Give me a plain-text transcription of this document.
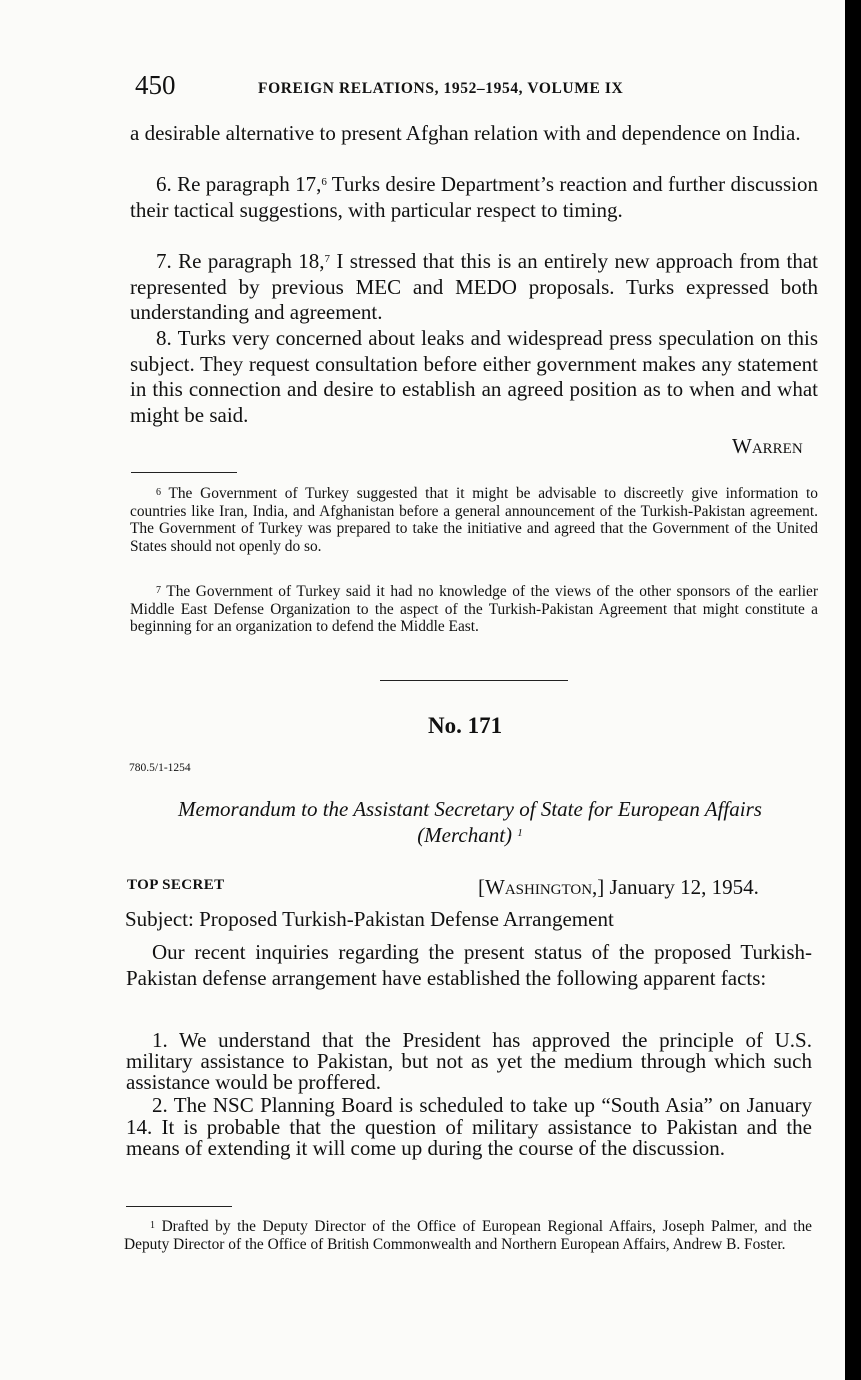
450	FOREIGN RELATIONS, 1952–1954, VOLUME IX
a desirable alternative to present Afghan relation with and dependence on India.
6. Re paragraph 17,$^6$ Turks desire Department’s reaction and further discussion their tactical suggestions, with particular respect to timing.
7. Re paragraph 18,$^7$ I stressed that this is an entirely new approach from that represented by previous MEC and MEDO proposals. Turks expressed both understanding and agreement.
8. Turks very concerned about leaks and widespread press speculation on this subject. They request consultation before either government makes any statement in this connection and desire to establish an agreed position as to when and what might be said.
Warren
$^6$ The Government of Turkey suggested that it might be advisable to discreetly give information to countries like Iran, India, and Afghanistan before a general announcement of the Turkish-Pakistan agreement. The Government of Turkey was prepared to take the initiative and agreed that the Government of the United States should not openly do so.
$^7$ The Government of Turkey said it had no knowledge of the views of the other sponsors of the earlier Middle East Defense Organization to the aspect of the Turkish-Pakistan Agreement that might constitute a beginning for an organization to defend the Middle East.
No. 171
780.5/1-1254
Memorandum to the Assistant Secretary of State for European Affairs (Merchant) $^1$
TOP SECRET	[Washington,] January 12, 1954.
Subject: Proposed Turkish-Pakistan Defense Arrangement
Our recent inquiries regarding the present status of the proposed Turkish-Pakistan defense arrangement have established the following apparent facts:
1. We understand that the President has approved the principle of U.S. military assistance to Pakistan, but not as yet the medium through which such assistance would be proffered.
2. The NSC Planning Board is scheduled to take up “South Asia” on January 14. It is probable that the question of military assistance to Pakistan and the means of extending it will come up during the course of the discussion.
$^1$ Drafted by the Deputy Director of the Office of European Regional Affairs, Joseph Palmer, and the Deputy Director of the Office of British Commonwealth and Northern European Affairs, Andrew B. Foster.
